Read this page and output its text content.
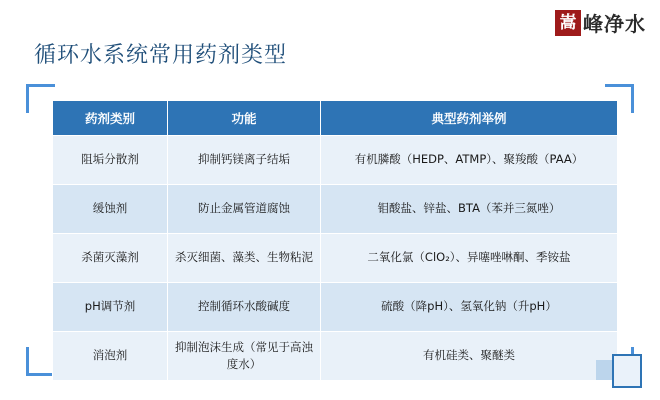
嵩 峰净水
循环水系统常用药剂类型
药剂类别	功能	典型药剂举例
阻垢分散剂	抑制钙镁离子结垢	有机膦酸（HEDP、ATMP）、聚羧酸（PAA）
缓蚀剂	防止金属管道腐蚀	钼酸盐、锌盐、BTA（苯并三氮唑）
杀菌灭藻剂	杀灭细菌、藻类、生物粘泥	二氧化氯（ClO₂）、异噻唑啉酮、季铵盐
pH调节剂	控制循环水酸碱度	硫酸（降pH）、氢氧化钠（升pH）
消泡剂	抑制泡沫生成（常见于高浊度水）	有机硅类、聚醚类
